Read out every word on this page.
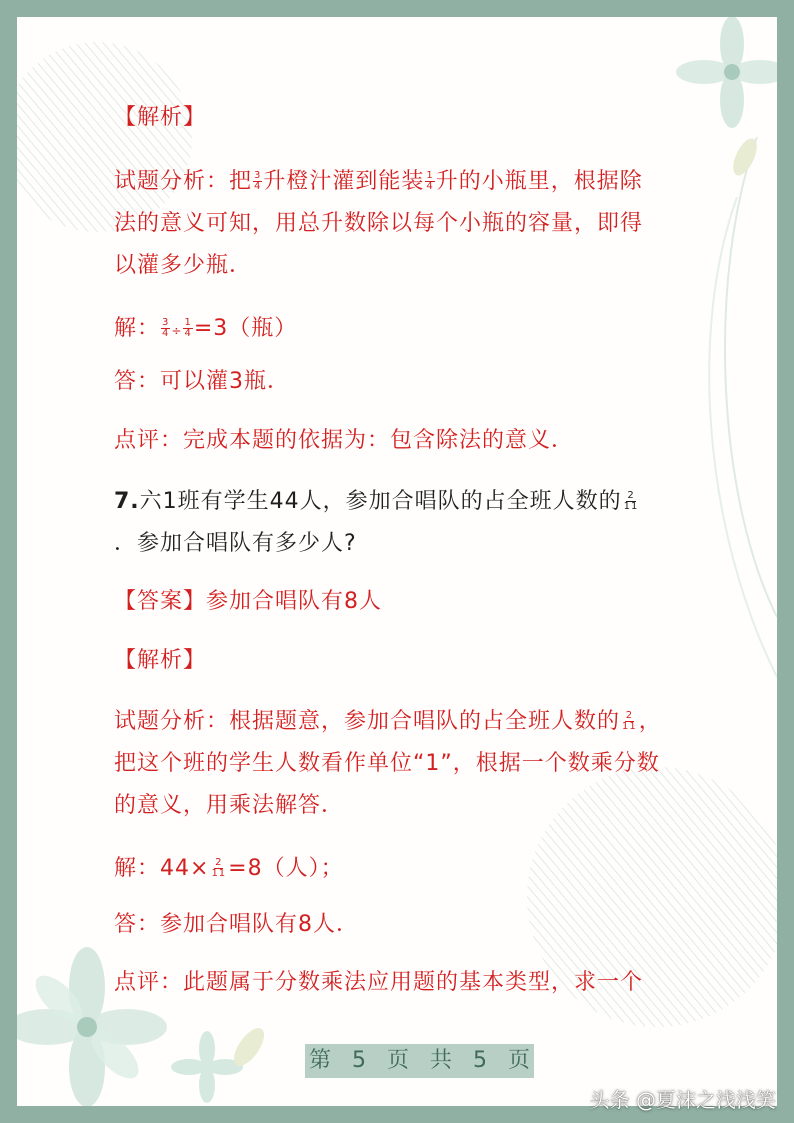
【解析】
试题分析：把 $\frac{3}{4}$ 升橙汁灌到能装 $\frac{1}{4}$ 升的小瓶里，根据除
法的意义可知，用总升数除以每个小瓶的容量，即得
以灌多少瓶．
解： $\frac{3}{4} \div \frac{1}{4} =3$（瓶）
答：可以灌3瓶．
点评：完成本题的依据为：包含除法的意义．
7.六1班有学生44人，参加合唱队的占全班人数的 $\frac{2}{11}$
．参加合唱队有多少人?
【答案】参加合唱队有8人
【解析】
试题分析：根据题意，参加合唱队的占全班人数的 $\frac{2}{11}$ ，
把这个班的学生人数看作单位“1”，根据一个数乘分数
的意义，用乘法解答．
解：$44\times \frac{2}{11} =8$（人）；
答：参加合唱队有8人．
点评：此题属于分数乘法应用题的基本类型，求一个
第 5 页 共 5 页
头条 @夏沫之浅浅笑
